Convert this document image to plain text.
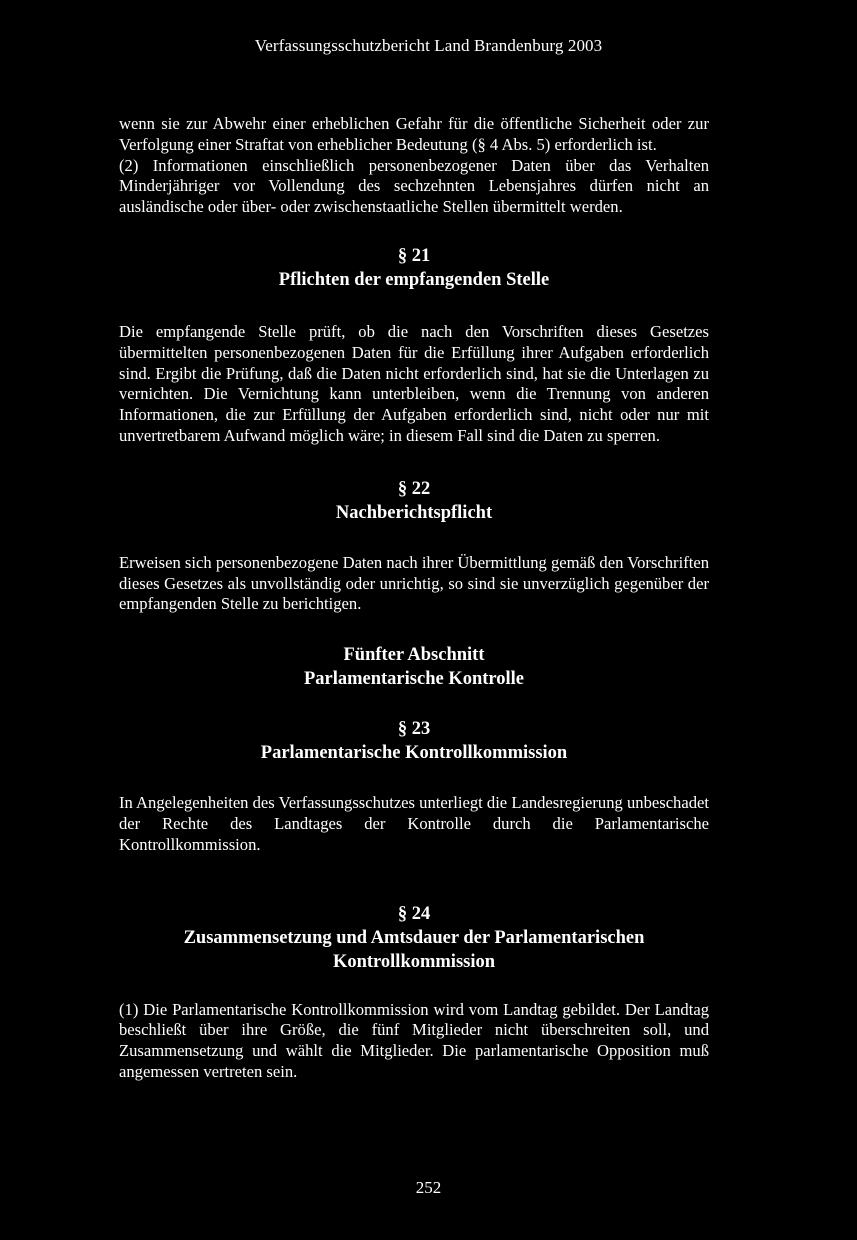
Verfassungsschutzbericht Land Brandenburg 2003

wenn sie zur Abwehr einer erheblichen Gefahr für die öffentliche Sicherheit oder zur Verfolgung einer Straftat von erheblicher Bedeutung (§ 4 Abs. 5) erforderlich ist.

(2) Informationen einschließlich personenbezogener Daten über das Verhalten Minderjähriger vor Vollendung des sechzehnten Lebensjahres dürfen nicht an ausländische oder über- oder zwischenstaatliche Stellen übermittelt werden.

§ 21

Pflichten der empfangenden Stelle

Die empfangende Stelle prüft, ob die nach den Vorschriften dieses Gesetzes übermittelten personenbezogenen Daten für die Erfüllung ihrer Aufgaben erforderlich sind. Ergibt die Prüfung, daß die Daten nicht erforderlich sind, hat sie die Unterlagen zu vernichten. Die Vernichtung kann unterbleiben, wenn die Trennung von anderen Informationen, die zur Erfüllung der Aufgaben erforderlich sind, nicht oder nur mit unvertretbarem Aufwand möglich wäre; in diesem Fall sind die Daten zu sperren.

§ 22

Nachberichtspflicht

Erweisen sich personenbezogene Daten nach ihrer Übermittlung gemäß den Vorschriften dieses Gesetzes als unvollständig oder unrichtig, so sind sie unverzüglich gegenüber der empfangenden Stelle zu berichtigen.

Fünfter Abschnitt

Parlamentarische Kontrolle

§ 23

Parlamentarische Kontrollkommission

In Angelegenheiten des Verfassungsschutzes unterliegt die Landesregierung unbeschadet der Rechte des Landtages der Kontrolle durch die Parlamentarische Kontrollkommission.

§ 24

Zusammensetzung und Amtsdauer der Parlamentarischen Kontrollkommission

(1) Die Parlamentarische Kontrollkommission wird vom Landtag gebildet. Der Landtag beschließt über ihre Größe, die fünf Mitglieder nicht überschreiten soll, und Zusammensetzung und wählt die Mitglieder. Die parlamentarische Opposition muß angemessen vertreten sein.

252
